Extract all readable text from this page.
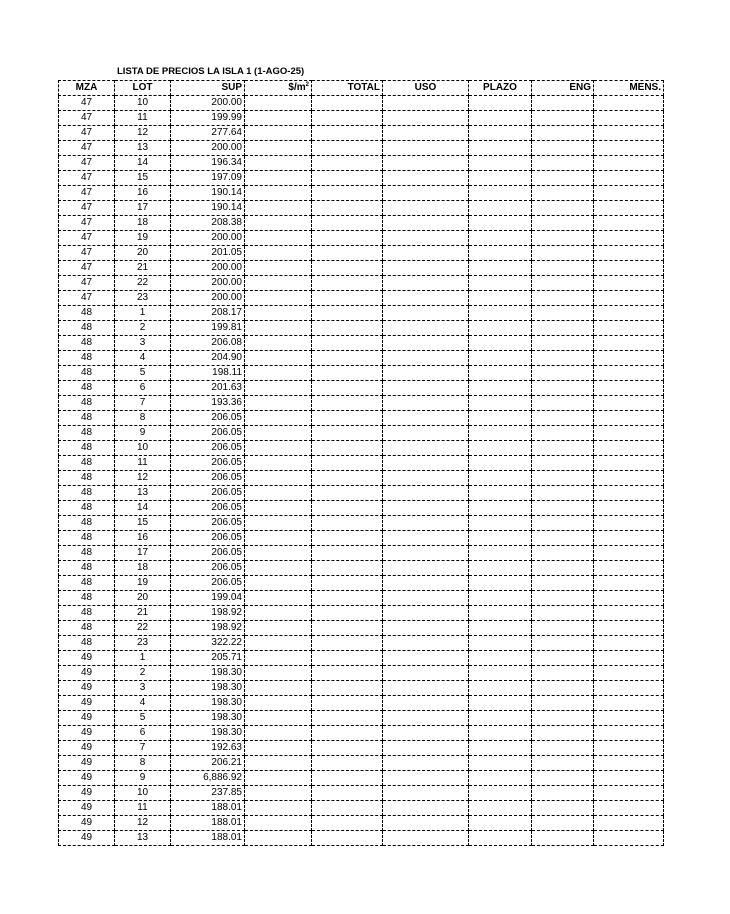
LISTA DE PRECIOS LA ISLA 1 (1-AGO-25)
MZA	LOT	SUP	$\$/m^2$	TOTAL	USO	PLAZO	ENG	MENS.
47	10	200.00						
47	11	199.99						
47	12	277.64						
47	13	200.00						
47	14	196.34						
47	15	197.09						
47	16	190.14						
47	17	190.14						
47	18	208.38						
47	19	200.00						
47	20	201.05						
47	21	200.00						
47	22	200.00						
47	23	200.00						
48	1	208.17						
48	2	199.81						
48	3	206.08						
48	4	204.90						
48	5	198.11						
48	6	201.63						
48	7	193.36						
48	8	206.05						
48	9	206.05						
48	10	206.05						
48	11	206.05						
48	12	206.05						
48	13	206.05						
48	14	206.05						
48	15	206.05						
48	16	206.05						
48	17	206.05						
48	18	206.05						
48	19	206.05						
48	20	199.04						
48	21	198.92						
48	22	198.92						
48	23	322.22						
49	1	205.71						
49	2	198.30						
49	3	198.30						
49	4	198.30						
49	5	198.30						
49	6	198.30						
49	7	192.63						
49	8	206.21						
49	9	6,886.92						
49	10	237.85						
49	11	188.01						
49	12	188.01						
49	13	188.01						
